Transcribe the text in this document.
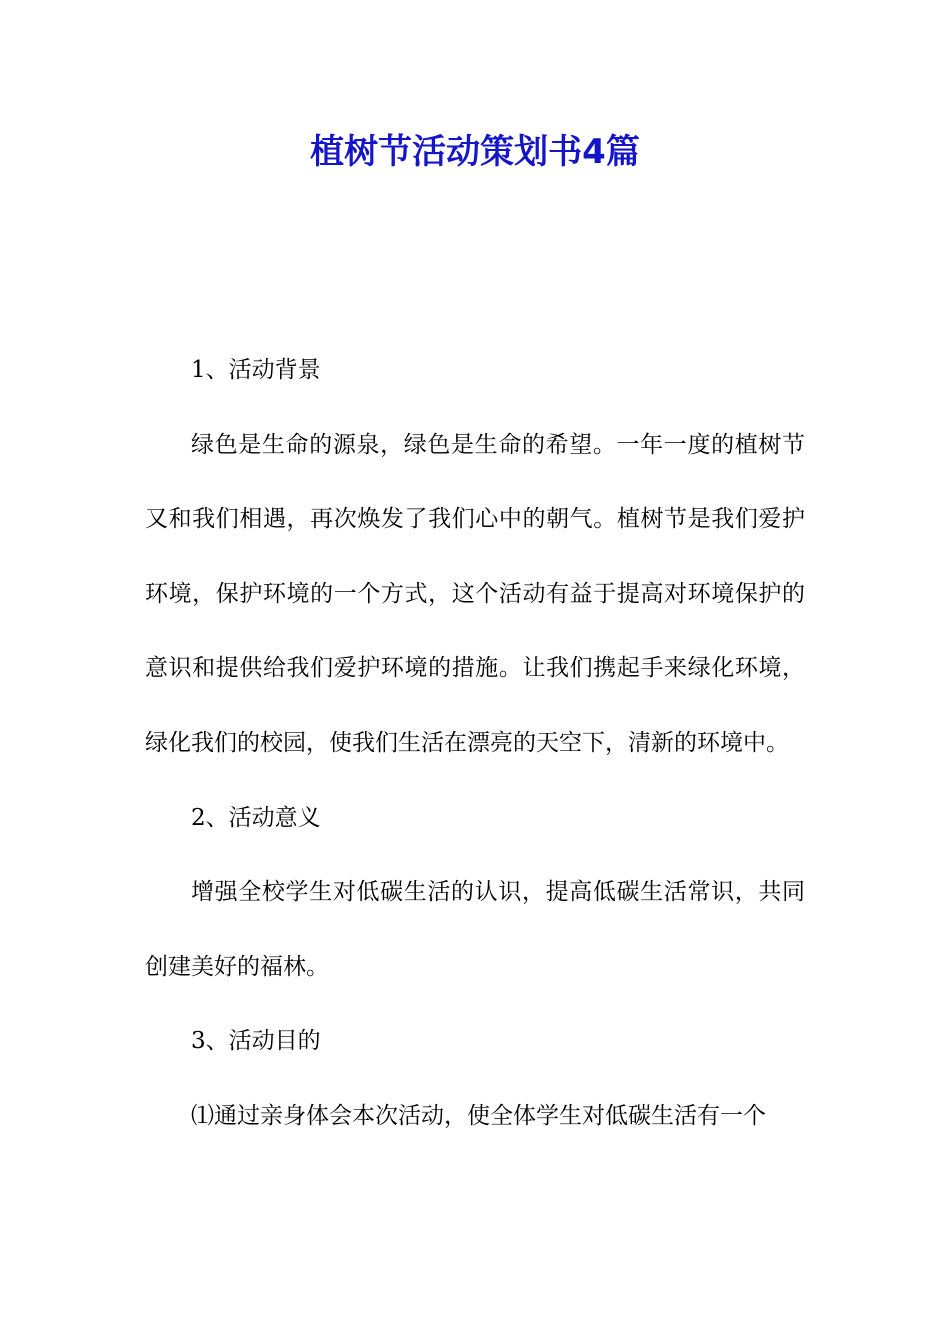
植树节活动策划书4篇

1、活动背景

绿色是生命的源泉，绿色是生命的希望。一年一度的植树节又和我们相遇，再次焕发了我们心中的朝气。植树节是我们爱护环境，保护环境的一个方式，这个活动有益于提高对环境保护的意识和提供给我们爱护环境的措施。让我们携起手来绿化环境，绿化我们的校园，使我们生活在漂亮的天空下，清新的环境中。

2、活动意义

增强全校学生对低碳生活的认识，提高低碳生活常识，共同创建美好的福林。

3、活动目的

⑴通过亲身体会本次活动，使全体学生对低碳生活有一个
